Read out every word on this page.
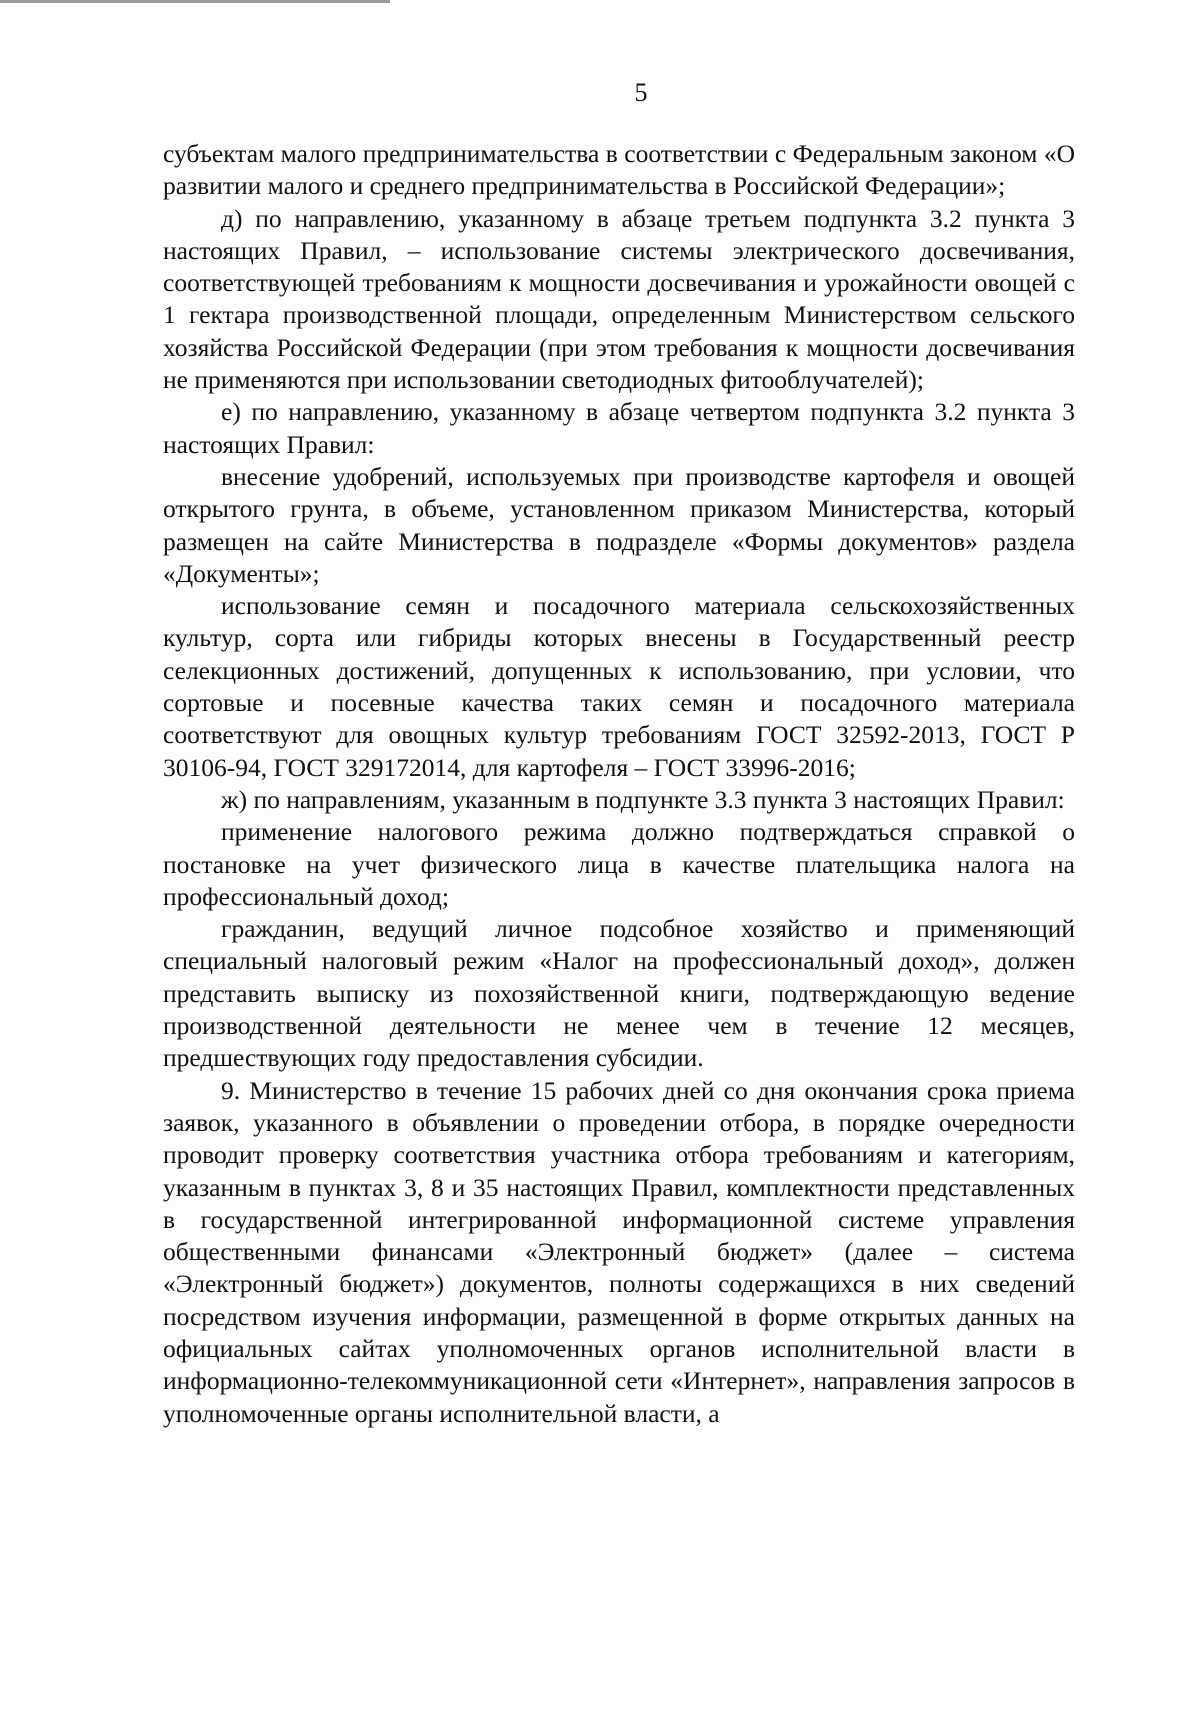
5

субъектам малого предпринимательства в соответствии с Федеральным законом «О развитии малого и среднего предпринимательства в Российской Федерации»;

д) по направлению, указанному в абзаце третьем подпункта 3.2 пункта 3 настоящих Правил, – использование системы электрического досвечивания, соответствующей требованиям к мощности досвечивания и урожайности овощей с 1 гектара производственной площади, определенным Министерством сельского хозяйства Российской Федерации (при этом требования к мощности досвечивания не применяются при использовании светодиодных фитооблучателей);

е) по направлению, указанному в абзаце четвертом подпункта 3.2 пункта 3 настоящих Правил:

внесение удобрений, используемых при производстве картофеля и овощей открытого грунта, в объеме, установленном приказом Министерства, который размещен на сайте Министерства в подразделе «Формы документов» раздела «Документы»;

использование семян и посадочного материала сельскохозяйственных культур, сорта или гибриды которых внесены в Государственный реестр селекционных достижений, допущенных к использованию, при условии, что сортовые и посевные качества таких семян и посадочного материала соответствуют для овощных культур требованиям ГОСТ 32592-2013, ГОСТ Р 30106-94, ГОСТ 329172014, для картофеля – ГОСТ 33996-2016;

ж) по направлениям, указанным в подпункте 3.3 пункта 3 настоящих Правил:

применение налогового режима должно подтверждаться справкой о постановке на учет физического лица в качестве плательщика налога на профессиональный доход;

гражданин, ведущий личное подсобное хозяйство и применяющий специальный налоговый режим «Налог на профессиональный доход», должен представить выписку из похозяйственной книги, подтверждающую ведение производственной деятельности не менее чем в течение 12 месяцев, предшествующих году предоставления субсидии.

9. Министерство в течение 15 рабочих дней со дня окончания срока приема заявок, указанного в объявлении о проведении отбора, в порядке очередности проводит проверку соответствия участника отбора требованиям и категориям, указанным в пунктах 3, 8 и 35 настоящих Правил, комплектности представленных в государственной интегрированной информационной системе управления общественными финансами «Электронный бюджет» (далее – система «Электронный бюджет») документов, полноты содержащихся в них сведений посредством изучения информации, размещенной в форме открытых данных на официальных сайтах уполномоченных органов исполнительной власти в информационно-телекоммуникационной сети «Интернет», направления запросов в уполномоченные органы исполнительной власти, а
